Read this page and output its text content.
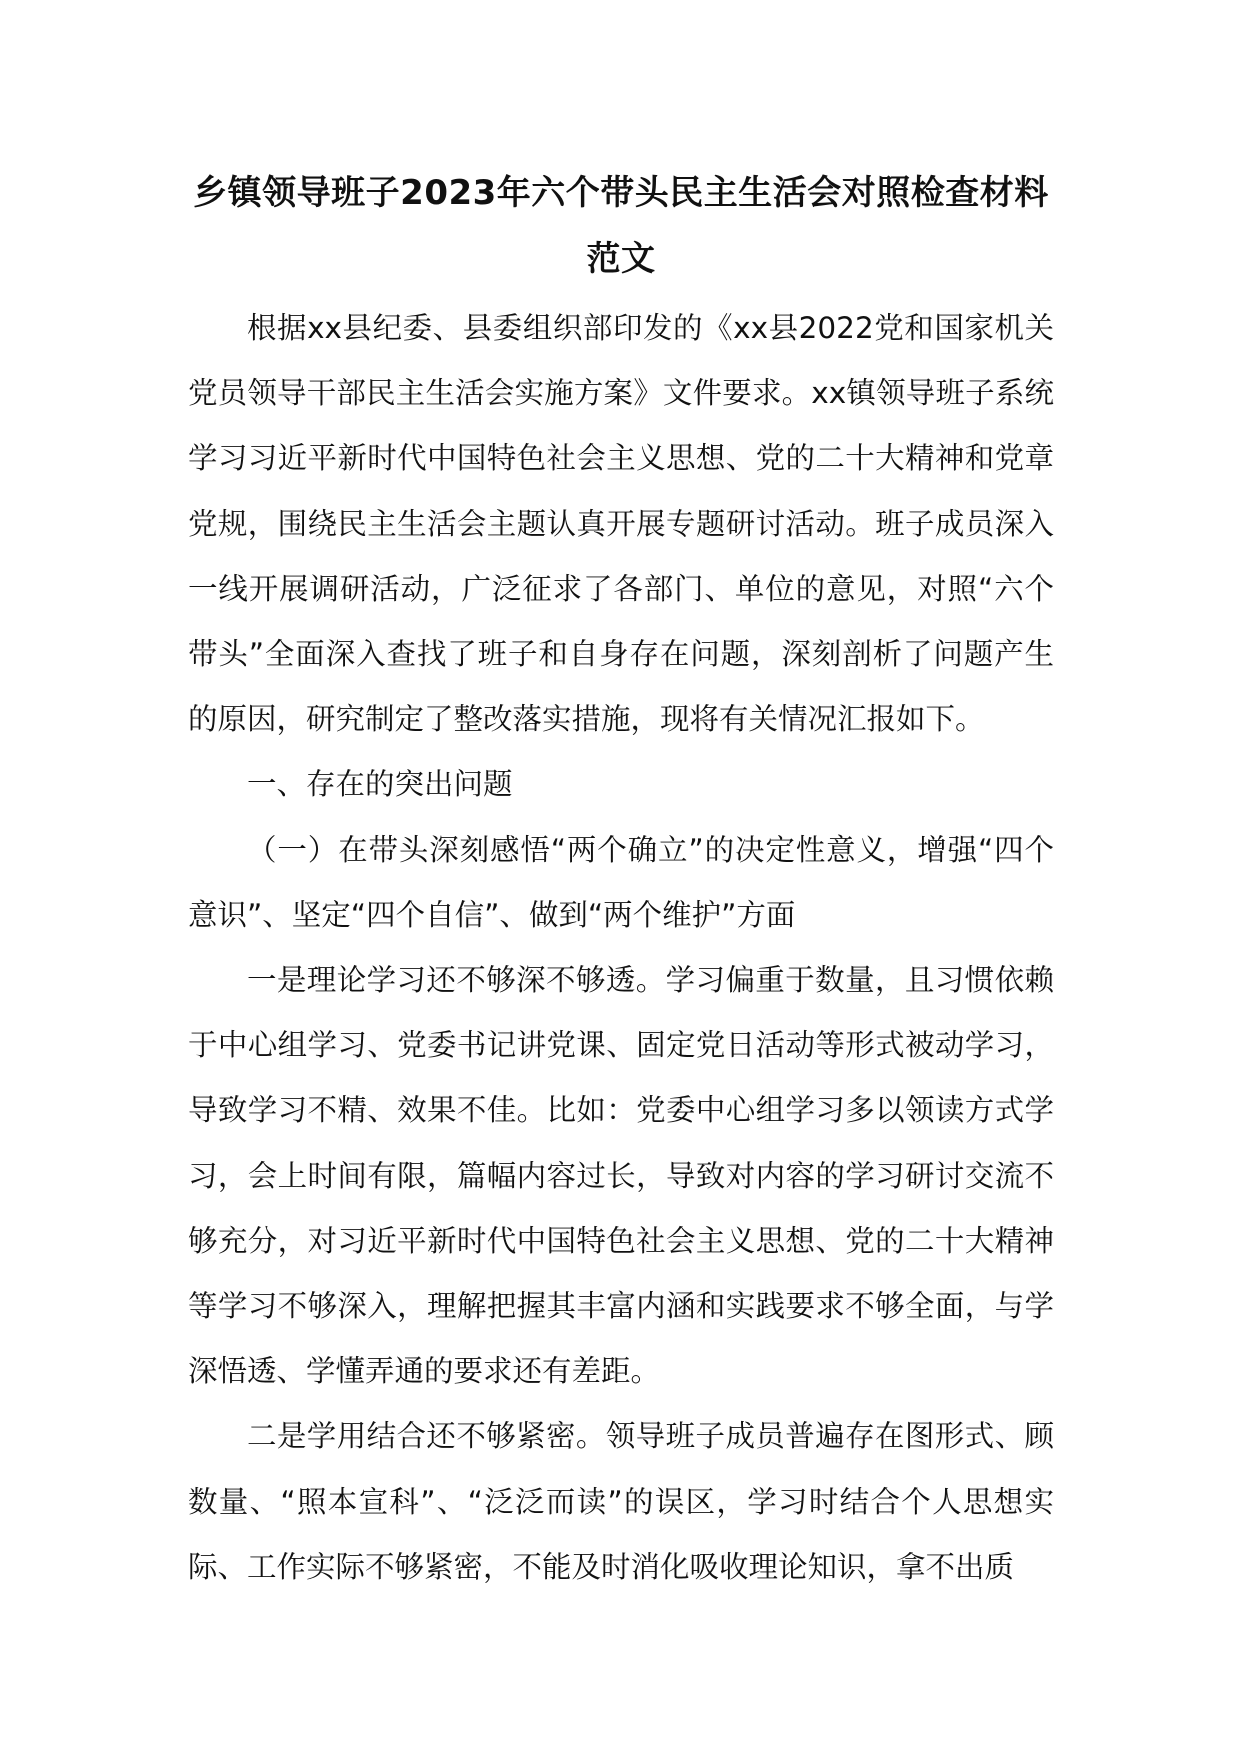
乡镇领导班子2023年六个带头民主生活会对照检查材料范文

根据xx县纪委、县委组织部印发的《xx县2022党和国家机关党员领导干部民主生活会实施方案》文件要求。xx镇领导班子系统学习习近平新时代中国特色社会主义思想、党的二十大精神和党章党规，围绕民主生活会主题认真开展专题研讨活动。班子成员深入一线开展调研活动，广泛征求了各部门、单位的意见，对照“六个带头”全面深入查找了班子和自身存在问题，深刻剖析了问题产生的原因，研究制定了整改落实措施，现将有关情况汇报如下。

一、存在的突出问题

（一）在带头深刻感悟“两个确立”的决定性意义，增强“四个意识”、坚定“四个自信”、做到“两个维护”方面

一是理论学习还不够深不够透。学习偏重于数量，且习惯依赖于中心组学习、党委书记讲党课、固定党日活动等形式被动学习，导致学习不精、效果不佳。比如：党委中心组学习多以领读方式学习，会上时间有限，篇幅内容过长，导致对内容的学习研讨交流不够充分，对习近平新时代中国特色社会主义思想、党的二十大精神等学习不够深入，理解把握其丰富内涵和实践要求不够全面，与学深悟透、学懂弄通的要求还有差距。

二是学用结合还不够紧密。领导班子成员普遍存在图形式、顾数量、“照本宣科”、“泛泛而读”的误区，学习时结合个人思想实际、工作实际不够紧密，不能及时消化吸收理论知识，拿不出质
